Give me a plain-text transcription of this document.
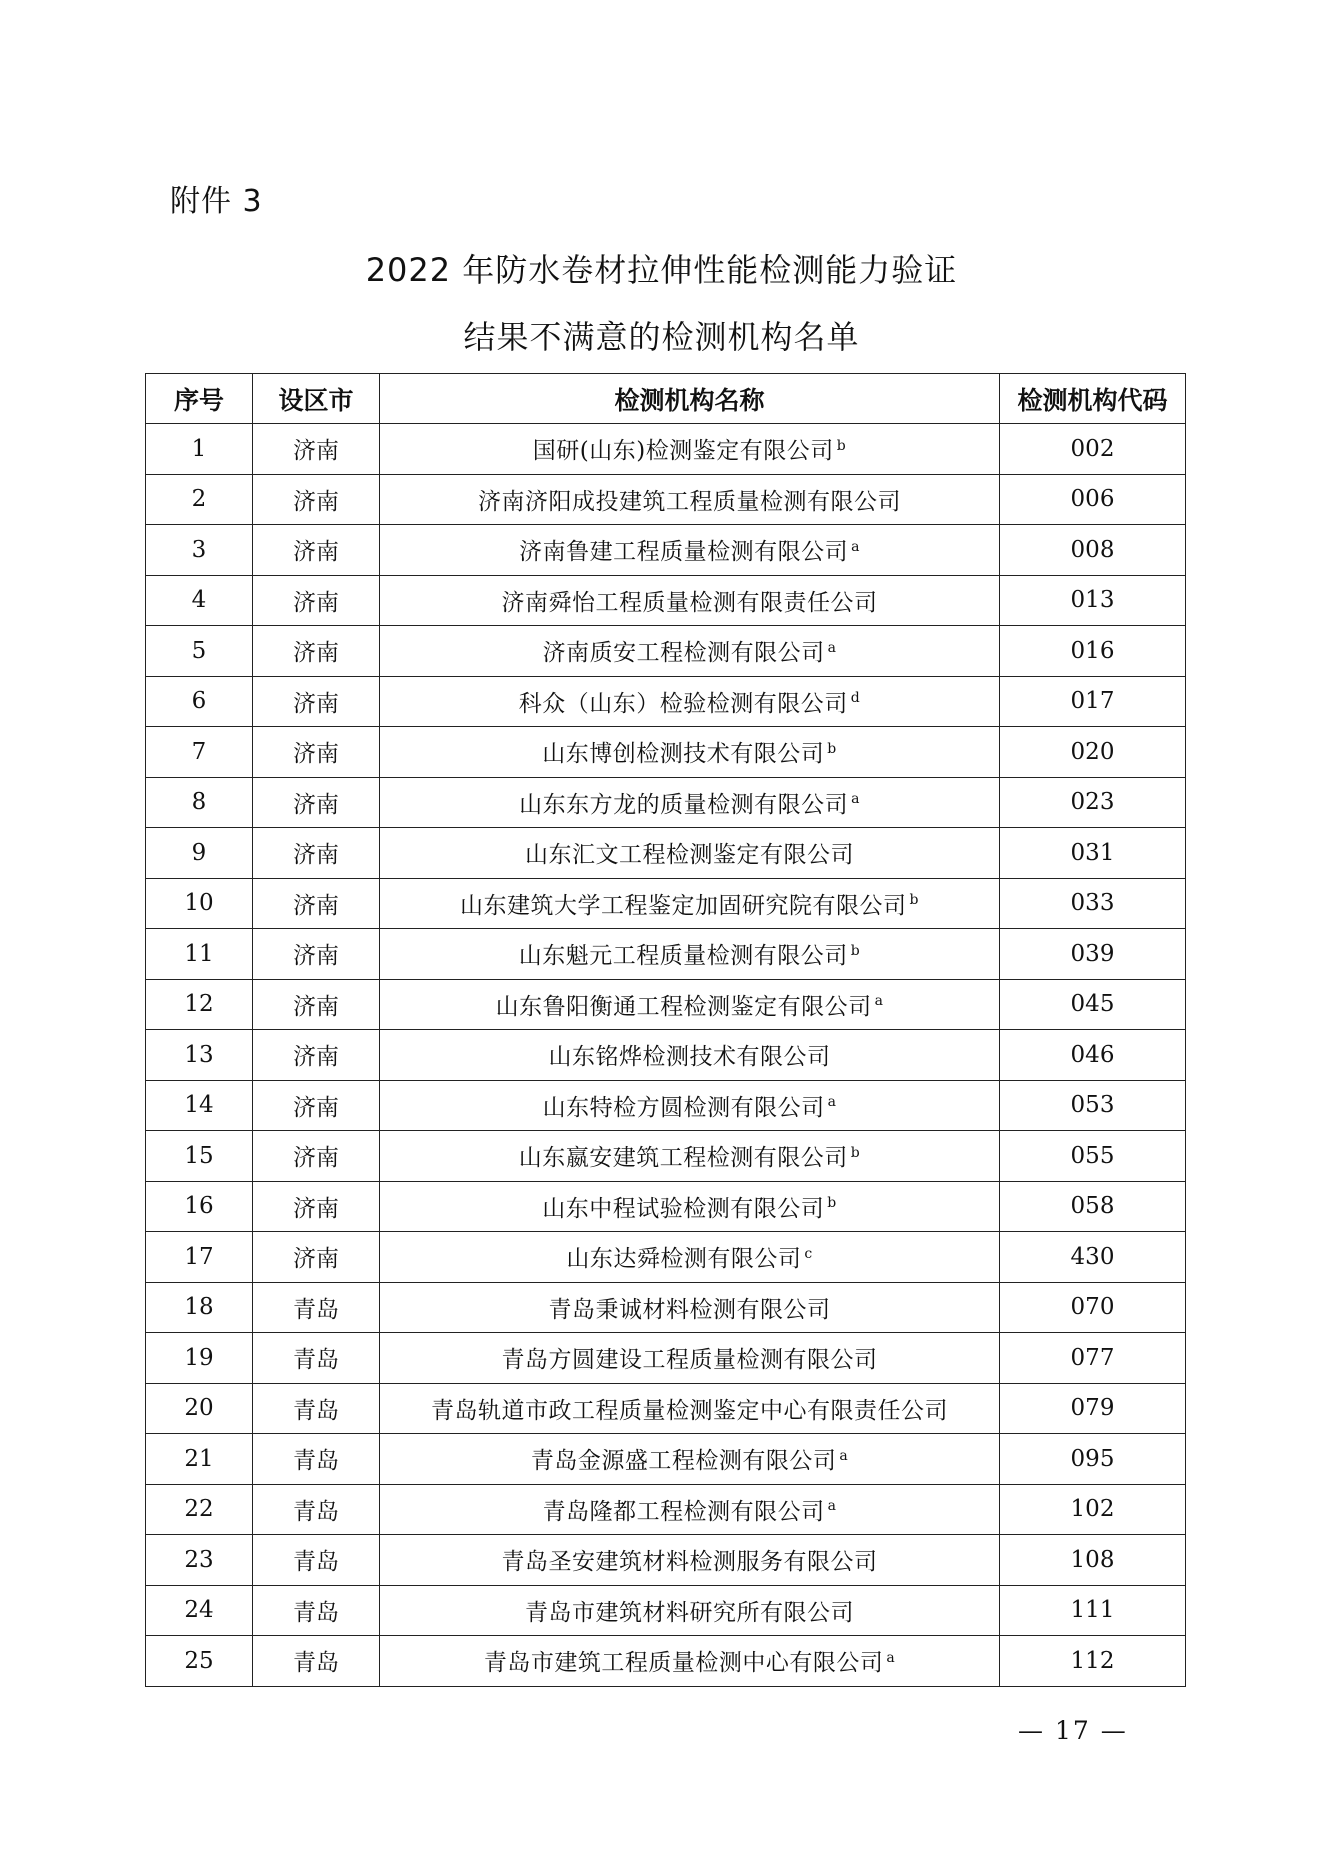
附件 3
2022 年防水卷材拉伸性能检测能力验证
结果不满意的检测机构名单
序号	设区市	检测机构名称	检测机构代码
1	济南	国研(山东)检测鉴定有限公司 $^b$	002
2	济南	济南济阳成投建筑工程质量检测有限公司	006
3	济南	济南鲁建工程质量检测有限公司 $^a$	008
4	济南	济南舜怡工程质量检测有限责任公司	013
5	济南	济南质安工程检测有限公司 $^a$	016
6	济南	科众（山东）检验检测有限公司 $^d$	017
7	济南	山东博创检测技术有限公司 $^b$	020
8	济南	山东东方龙的质量检测有限公司 $^a$	023
9	济南	山东汇文工程检测鉴定有限公司	031
10	济南	山东建筑大学工程鉴定加固研究院有限公司 $^b$	033
11	济南	山东魁元工程质量检测有限公司 $^b$	039
12	济南	山东鲁阳衡通工程检测鉴定有限公司 $^a$	045
13	济南	山东铭烨检测技术有限公司	046
14	济南	山东特检方圆检测有限公司 $^a$	053
15	济南	山东嬴安建筑工程检测有限公司 $^b$	055
16	济南	山东中程试验检测有限公司 $^b$	058
17	济南	山东达舜检测有限公司 $^c$	430
18	青岛	青岛秉诚材料检测有限公司	070
19	青岛	青岛方圆建设工程质量检测有限公司	077
20	青岛	青岛轨道市政工程质量检测鉴定中心有限责任公司	079
21	青岛	青岛金源盛工程检测有限公司 $^a$	095
22	青岛	青岛隆都工程检测有限公司 $^a$	102
23	青岛	青岛圣安建筑材料检测服务有限公司	108
24	青岛	青岛市建筑材料研究所有限公司	111
25	青岛	青岛市建筑工程质量检测中心有限公司 $^a$	112
— 17 —
